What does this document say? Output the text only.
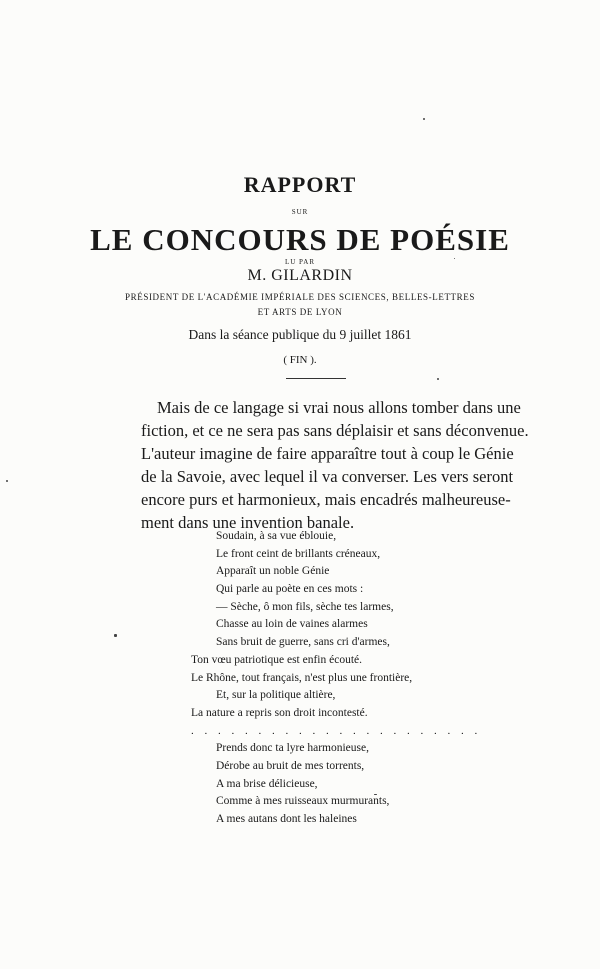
RAPPORT
SUR
LE CONCOURS DE POÉSIE
LU PAR
M. GILARDIN
PRÉSIDENT DE L'ACADÉMIE IMPÉRIALE DES SCIENCES, BELLES-LETTRES
ET ARTS DE LYON
Dans la séance publique du 9 juillet 1861
( FIN ).
Mais de ce langage si vrai nous allons tomber dans une
fiction, et ce ne sera pas sans déplaisir et sans déconvenue.
L'auteur imagine de faire apparaître tout à coup le Génie
de la Savoie, avec lequel il va converser. Les vers seront
encore purs et harmonieux, mais encadrés malheureuse-
ment dans une invention banale.
Soudain, à sa vue éblouie,
Le front ceint de brillants créneaux,
Apparaît un noble Génie
Qui parle au poète en ces mots :
— Sèche, ô mon fils, sèche tes larmes,
Chasse au loin de vaines alarmes
Sans bruit de guerre, sans cri d'armes,
Ton vœu patriotique est enfin écouté.
Le Rhône, tout français, n'est plus une frontière,
Et, sur la politique altière,
La nature a repris son droit incontesté.
. . . . . . . . . . . . . . . . . . . . . .
Prends donc ta lyre harmonieuse,
Dérobe au bruit de mes torrents,
A ma brise délicieuse,
Comme à mes ruisseaux murmurants,
A mes autans dont les haleines
